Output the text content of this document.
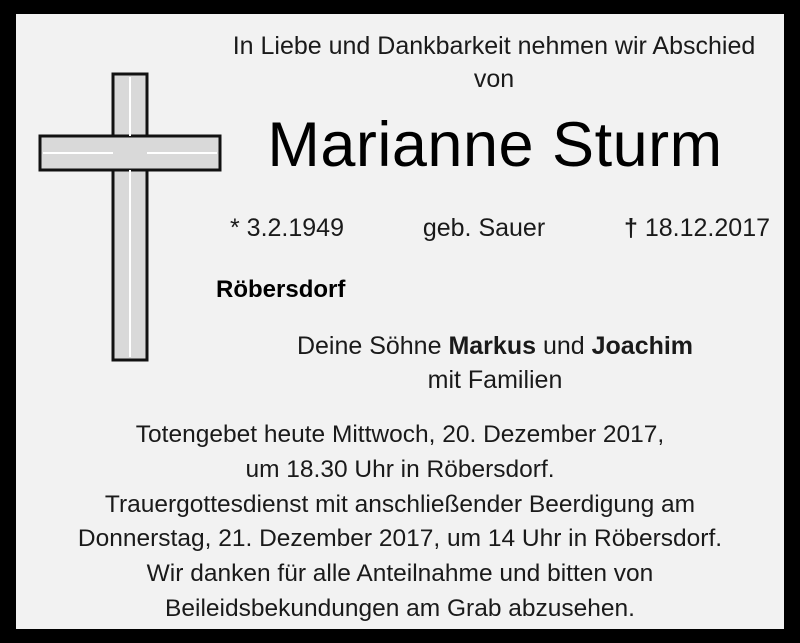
In Liebe und Dankbarkeit nehmen wir Abschied von
Marianne Sturm
* 3.2.1949	geb. Sauer	† 18.12.2017
Röbersdorf
Deine Söhne Markus und Joachim
mit Familien
Totengebet heute Mittwoch, 20. Dezember 2017,
um 18.30 Uhr in Röbersdorf.
Trauergottesdienst mit anschließender Beerdigung am
Donnerstag, 21. Dezember 2017, um 14 Uhr in Röbersdorf.
Wir danken für alle Anteilnahme und bitten von
Beileidsbekundungen am Grab abzusehen.
